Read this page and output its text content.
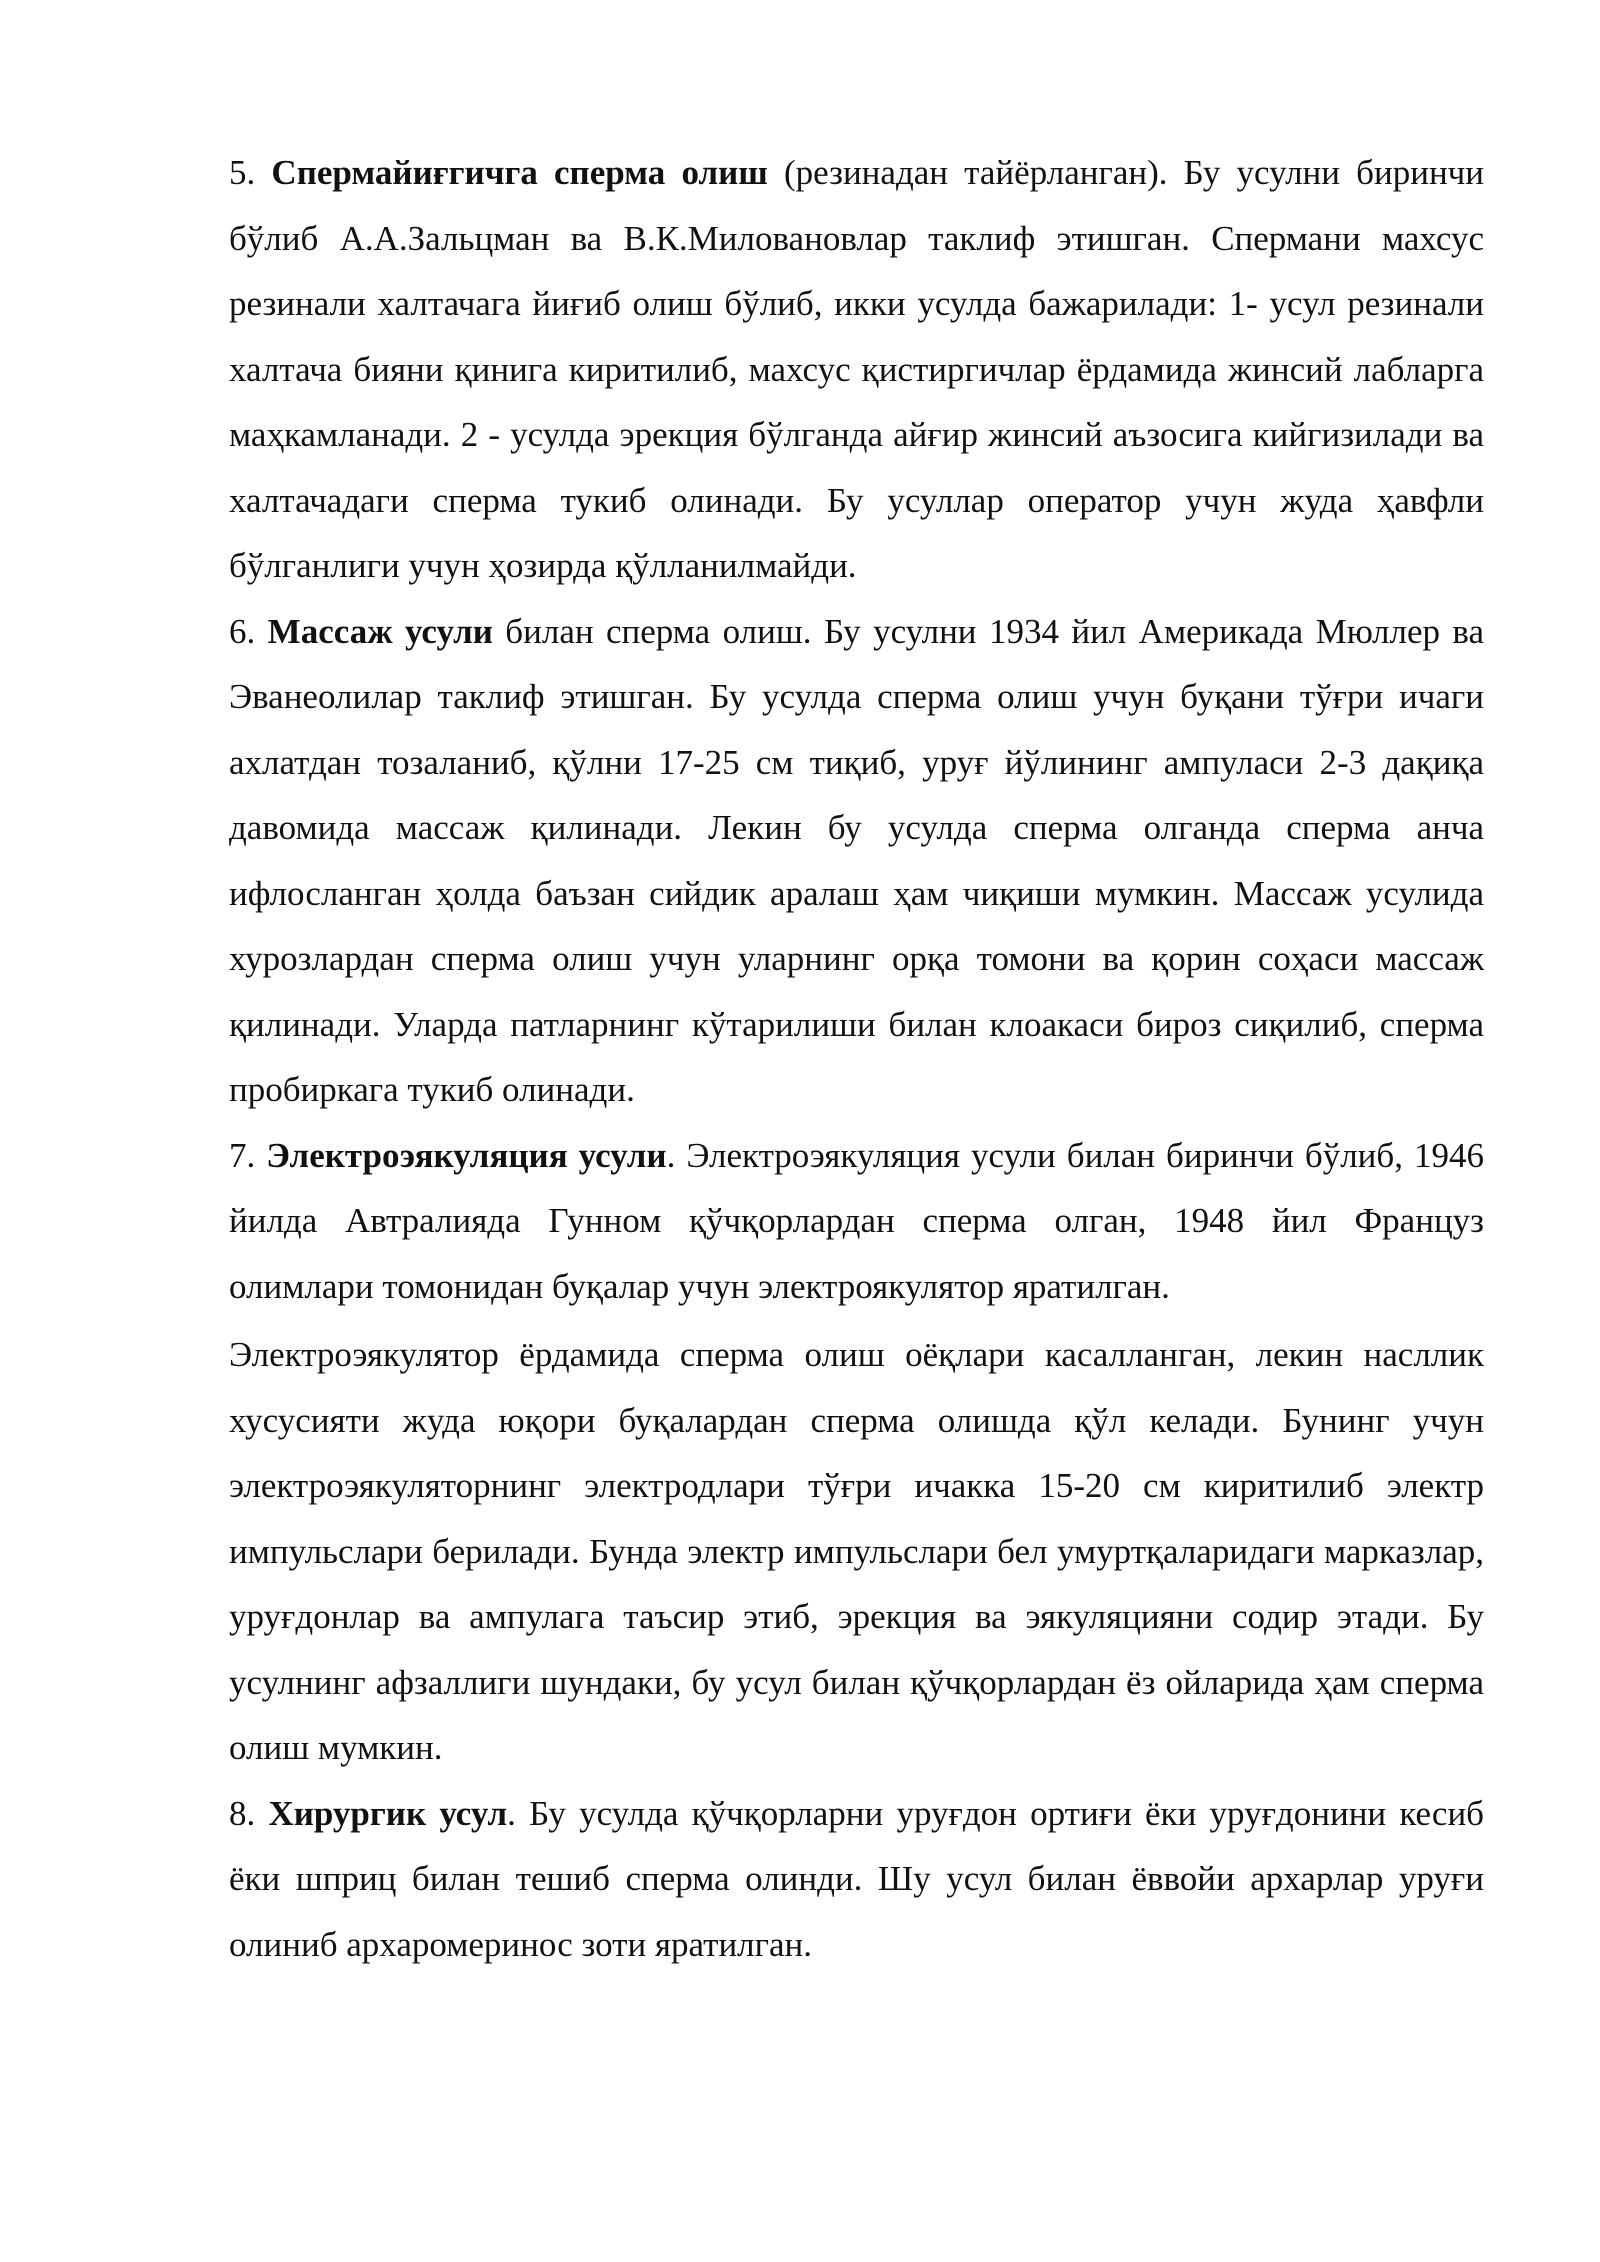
5. Спермайиғгичга сперма олиш (резинадан тайёрланган). Бу усулни биринчи бўлиб А.А.Зальцман ва В.К.Миловановлар таклиф этишган. Спермани махсус резинали халтачага йиғиб олиш бўлиб, икки усулда бажарилади: 1- усул резинали халтача бияни қинига киритилиб, махсус қистиргичлар ёрдамида жинсий лабларга маҳкамланади. 2 - усулда эрекция бўлганда айғир жинсий аъзосига кийгизилади ва халтачадаги сперма тукиб олинади. Бу усуллар оператор учун жуда ҳавфли бўлганлиги учун ҳозирда қўлланилмайди.

6. Массаж усули билан сперма олиш. Бу усулни 1934 йил Америкада Мюллер ва Эванеолилар таклиф этишган. Бу усулда сперма олиш учун буқани тўғри ичаги ахлатдан тозаланиб, қўлни 17-25 см тиқиб, уруғ йўлининг ампуласи 2-3 дақиқа давомида массаж қилинади. Лекин бу усулда сперма олганда сперма анча ифлосланган ҳолда баъзан сийдик аралаш ҳам чиқиши мумкин. Массаж усулида хурозлардан сперма олиш учун уларнинг орқа томони ва қорин соҳаси массаж қилинади. Уларда патларнинг кўтарилиши билан клоакаси бироз сиқилиб, сперма пробиркага тукиб олинади.

7. Электроэякуляция усули. Электроэякуляция усули билан биринчи бўлиб, 1946 йилда Автралияда Гунном қўчқорлардан сперма олган, 1948 йил Француз олимлари томонидан буқалар учун электроякулятор яратилган.

Электроэякулятор ёрдамида сперма олиш оёқлари касалланган, лекин насллик хусусияти жуда юқори буқалардан сперма олишда қўл келади. Бунинг учун электроэякуляторнинг электродлари тўғри ичакка 15-20 см киритилиб электр импульслари берилади. Бунда электр импульслари бел умуртқаларидаги марказлар, уруғдонлар ва ампулага таъсир этиб, эрекция ва эякуляцияни содир этади. Бу усулнинг афзаллиги шундаки, бу усул билан қўчқорлардан ёз ойларида ҳам сперма олиш мумкин.

8. Хирургик усул. Бу усулда қўчқорларни уруғдон ортиғи ёки уруғдонини кесиб ёки шприц билан тешиб сперма олинди. Шу усул билан ёввойи архарлар уруғи олиниб архаромеринос зоти яратилган.
